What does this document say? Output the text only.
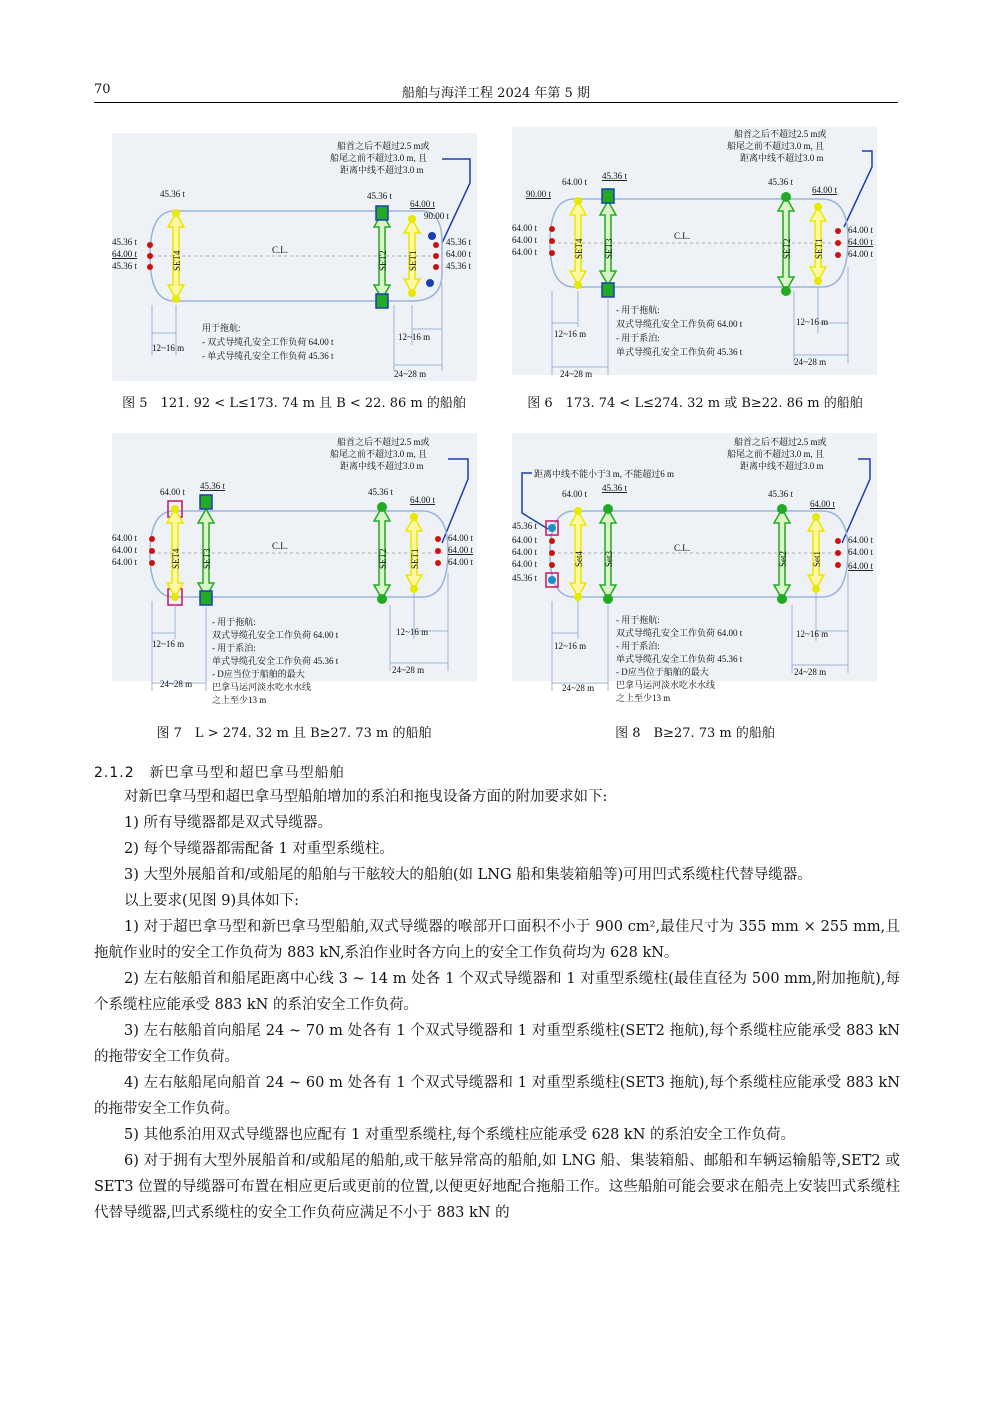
70	船舶与海洋工程 2024 年第 5 期
船首之后不超过2.5 m或
船尾之前不超过3.0 m, 且
距离中线不超过3.0 m
C.L.
45.36 t	45.36 t
64.00 t
90.00 t
45.36 t
64.00 t
45.36 t
45.36 t
64.00 t
45.36 t
SET4	SET2 SET1
12~16 m
12~16 m
24~28 m
用于拖航:
- 双式导缆孔安全工作负荷 64.00 t
- 单式导缆孔安全工作负荷 45.36 t
图 5　121. 92 < L≤173. 74 m 且 B < 22. 86 m 的船舶
船首之后不超过2.5 m或
船尾之前不超过3.0 m, 且
距离中线不超过3.0 m
C.L.
90.00 t
64.00 t
45.36 t
45.36 t
64.00 t
64.00 t
64.00 t
64.00 t
64.00 t
64.00 t
64.00 t
SET4 SET3	SET2 SET1
12~16 m
24~28 m
12~16 m
24~28 m
- 用于拖航:
双式导缆孔安全工作负荷 64.00 t
- 用于系泊:
单式导缆孔安全工作负荷 45.36 t
图 6　173. 74 < L≤274. 32 m 或 B≥22. 86 m 的船舶
船首之后不超过2.5 m或
船尾之前不超过3.0 m, 且
距离中线不超过3.0 m
C.L.
64.00 t
45.36 t
45.36 t
64.00 t
64.00 t
64.00 t
64.00 t
64.00 t
64.00 t
64.00 t
SET4 SET3	SET2 SET1
12~16 m
24~28 m
12~16 m
24~28 m
- 用于拖航:
双式导缆孔安全工作负荷 64.00 t
- 用于系泊:
单式导缆孔安全工作负荷 45.36 t
- D应当位于船舶的最大
巴拿马运河淡水吃水水线
之上至少13 m
图 7　L > 274. 32 m 且 B≥27. 73 m 的船舶
船首之后不超过2.5 m或
船尾之前不超过3.0 m, 且
距离中线不超过3.0 m
距离中线不能小于3 m, 不能超过6 m
C.L.
64.00 t
45.36 t
45.36 t
64.00 t
45.36 t
64.00 t
64.00 t
64.00 t
45.36 t
64.00 t
64.00 t
64.00 t
Set4 Set3	Set2	Set1
12~16 m
24~28 m
12~16 m
24~28 m
- 用于拖航:
双式导缆孔安全工作负荷 64.00 t
- 用于系泊:
单式导缆孔安全工作负荷 45.36 t
- D应当位于船舶的最大
巴拿马运河淡水吃水水线
之上至少13 m
图 8　B≥27. 73 m 的船舶
2.1.2　新巴拿马型和超巴拿马型船舶

对新巴拿马型和超巴拿马型船舶增加的系泊和拖曳设备方面的附加要求如下:

1) 所有导缆器都是双式导缆器。

2) 每个导缆器都需配备 1 对重型系缆柱。

3) 大型外展船首和/或船尾的船舶与干舷较大的船舶(如 LNG 船和集装箱船等)可用凹式系缆柱代替导缆器。

以上要求(见图 9)具体如下:

1) 对于超巴拿马型和新巴拿马型船舶,双式导缆器的喉部开口面积不小于 900 cm²,最佳尺寸为 355 mm × 255 mm,且拖航作业时的安全工作负荷为 883 kN,系泊作业时各方向上的安全工作负荷均为 628 kN。

2) 左右舷船首和船尾距离中心线 3 ~ 14 m 处各 1 个双式导缆器和 1 对重型系缆柱(最佳直径为 500 mm,附加拖航),每个系缆柱应能承受 883 kN 的系泊安全工作负荷。

3) 左右舷船首向船尾 24 ~ 70 m 处各有 1 个双式导缆器和 1 对重型系缆柱(SET2 拖航),每个系缆柱应能承受 883 kN 的拖带安全工作负荷。

4) 左右舷船尾向船首 24 ~ 60 m 处各有 1 个双式导缆器和 1 对重型系缆柱(SET3 拖航),每个系缆柱应能承受 883 kN 的拖带安全工作负荷。

5) 其他系泊用双式导缆器也应配有 1 对重型系缆柱,每个系缆柱应能承受 628 kN 的系泊安全工作负荷。

6) 对于拥有大型外展船首和/或船尾的船舶,或干舷异常高的船舶,如 LNG 船、集装箱船、邮船和车辆运输船等,SET2 或 SET3 位置的导缆器可布置在相应更后或更前的位置,以便更好地配合拖船工作。这些船舶可能会要求在船壳上安装凹式系缆柱代替导缆器,凹式系缆柱的安全工作负荷应满足不小于 883 kN 的
